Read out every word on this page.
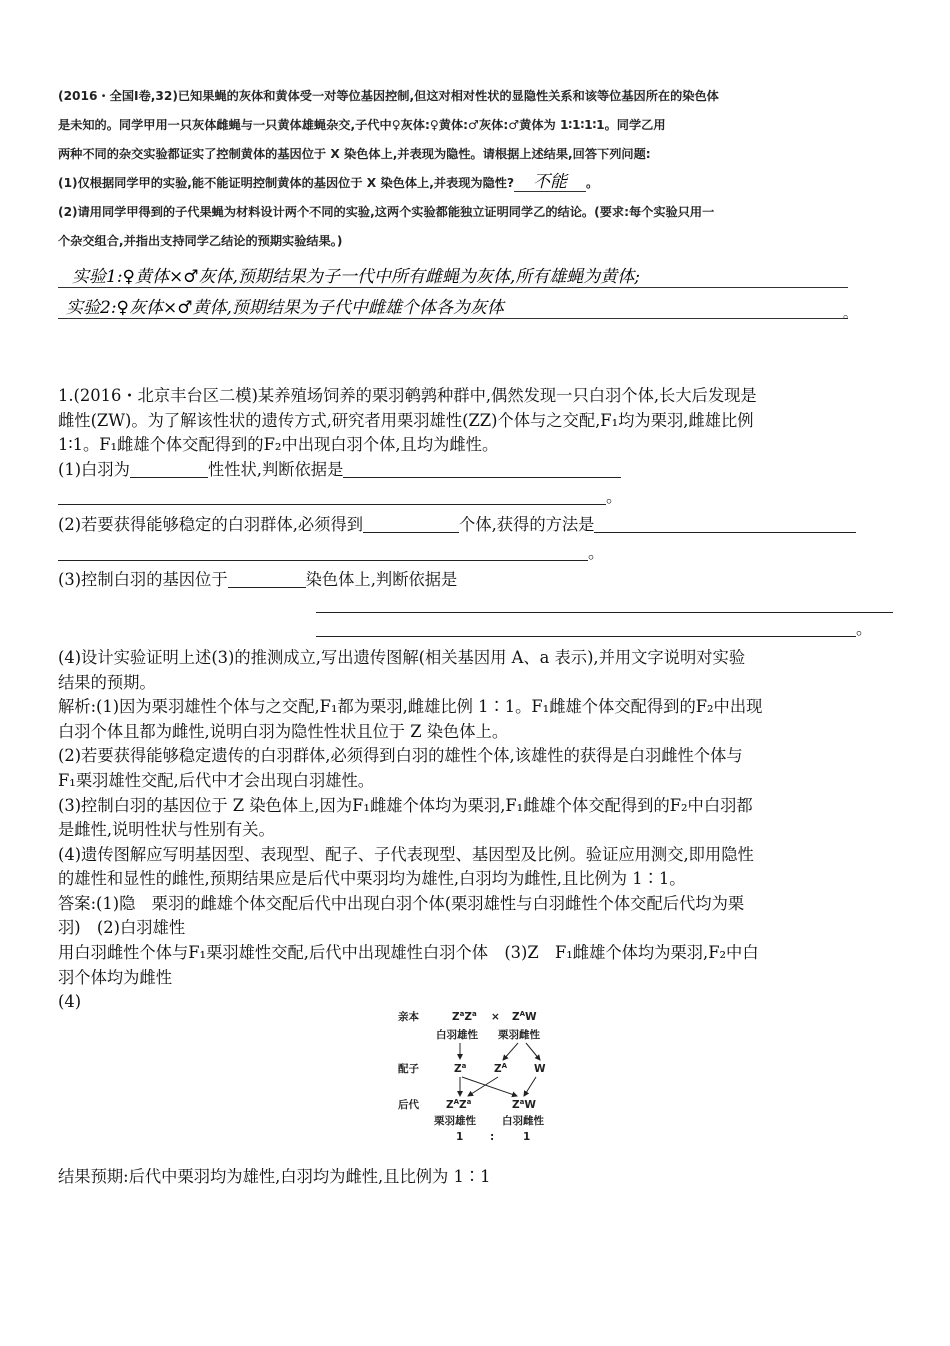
(2016・全国Ⅰ卷,32)已知果蝇的灰体和黄体受一对等位基因控制,但这对相对性状的显隐性关系和该等位基因所在的染色体

是未知的。同学甲用一只灰体雌蝇与一只黄体雄蝇杂交,子代中♀灰体:♀黄体:♂灰体:♂黄体为 1∶1∶1∶1。同学乙用

两种不同的杂交实验都证实了控制黄体的基因位于 X 染色体上,并表现为隐性。请根据上述结果,回答下列问题:

(1)仅根据同学甲的实验,能不能证明控制黄体的基因位于 X 染色体上,并表现为隐性? 不能 。

(2)请用同学甲得到的子代果蝇为材料设计两个不同的实验,这两个实验都能独立证明同学乙的结论。(要求:每个实验只用一

个杂交组合,并指出支持同学乙结论的预期实验结果。)

实验1:♀黄体×♂灰体,预期结果为子一代中所有雌蝇为灰体,所有雄蝇为黄体;
实验2:♀灰体×♂黄体,预期结果为子代中雌雄个体各为灰体	。

1.(2016・北京丰台区二模)某养殖场饲养的栗羽鹌鹑种群中,偶然发现一只白羽个体,长大后发现是

雌性(ZW)。为了解该性状的遗传方式,研究者用栗羽雄性(ZZ)个体与之交配,F₁均为栗羽,雌雄比例

1∶1。F₁雌雄个体交配得到的F₂中出现白羽个体,且均为雌性。

(1)白羽为	性性状,判断依据是

。

(2)若要获得能够稳定的白羽群体,必须得到	个体,获得的方法是

。

(3)控制白羽的基因位于	染色体上,判断依据是

。

(4)设计实验证明上述(3)的推测成立,写出遗传图解(相关基因用 A、a 表示),并用文字说明对实验

结果的预期。

解析:(1)因为栗羽雄性个体与之交配,F₁都为栗羽,雌雄比例 1∶1。F₁雌雄个体交配得到的F₂中出现

白羽个体且都为雌性,说明白羽为隐性性状且位于 Z 染色体上。

(2)若要获得能够稳定遗传的白羽群体,必须得到白羽的雄性个体,该雄性的获得是白羽雌性个体与

F₁栗羽雄性交配,后代中才会出现白羽雄性。

(3)控制白羽的基因位于 Z 染色体上,因为F₁雌雄个体均为栗羽,F₁雌雄个体交配得到的F₂中白羽都

是雌性,说明性状与性别有关。

(4)遗传图解应写明基因型、表现型、配子、子代表现型、基因型及比例。验证应用测交,即用隐性

的雄性和显性的雌性,预期结果应是后代中栗羽均为雄性,白羽均为雌性,且比例为 1∶1。

答案:(1)隐　栗羽的雌雄个体交配后代中出现白羽个体(栗羽雄性与白羽雌性个体交配后代均为栗

羽)　(2)白羽雄性

用白羽雌性个体与F₁栗羽雄性交配,后代中出现雄性白羽个体　(3)Z　F₁雌雄个体均为栗羽,F₂中白

羽个体均为雌性

(4)

亲本	$Z^aZ^a \times Z^AW$
白羽雄性 栗羽雌性
配子	$Z^a$	$Z^A$	W
后代	$Z^AZ^a$	$Z^aW$
栗羽雄性 白羽雌性
1	:	1
结果预期:后代中栗羽均为雄性,白羽均为雌性,且比例为 1∶1
